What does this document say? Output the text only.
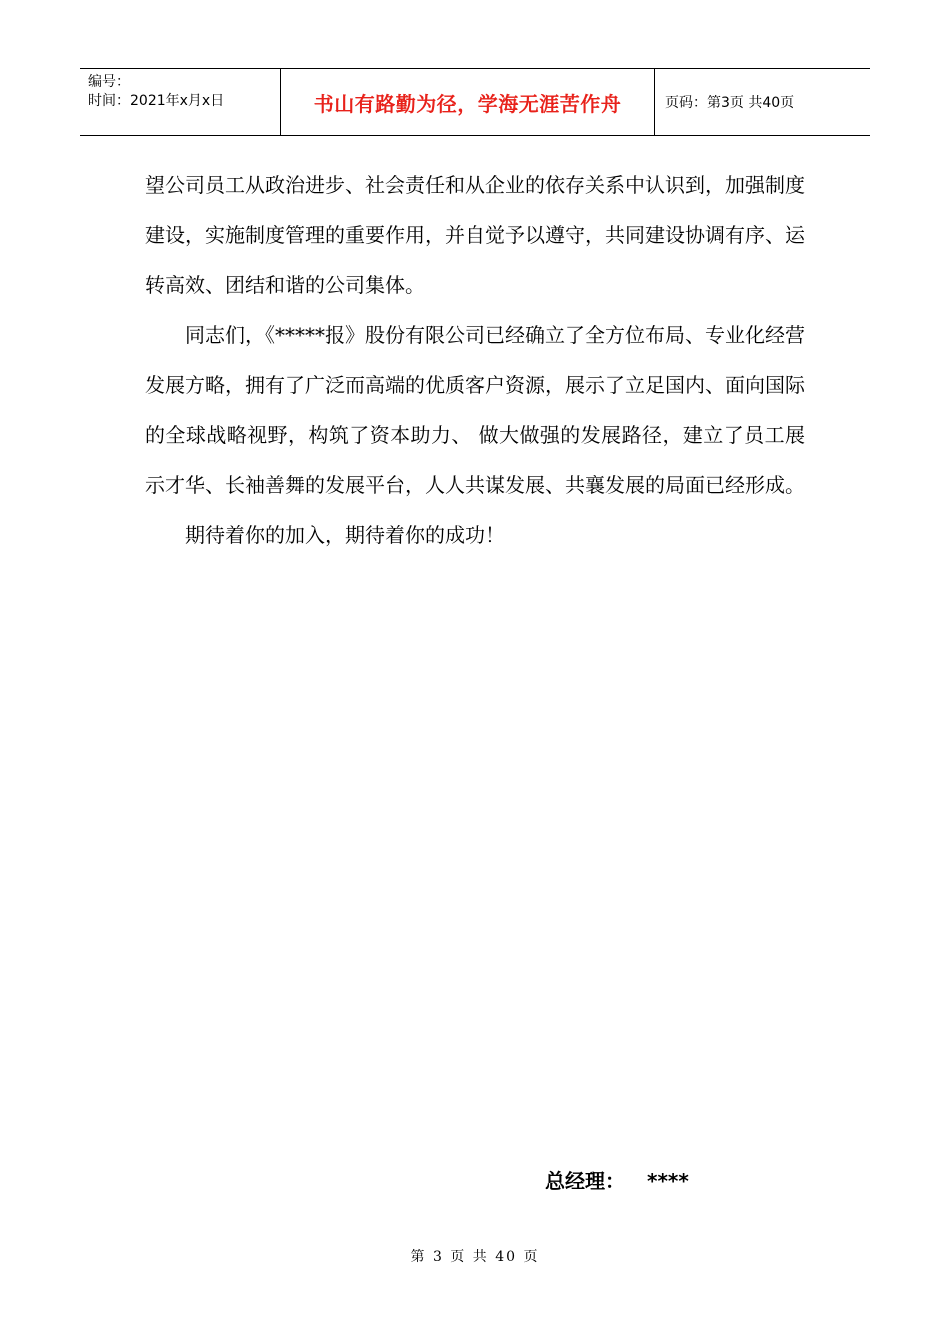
编号：
时间：2021年x月x日	书山有路勤为径，学海无涯苦作舟	页码：第3页 共40页

望公司员工从政治进步、社会责任和从企业的依存关系中认识到，加强制度建设，实施制度管理的重要作用，并自觉予以遵守，共同建设协调有序、运转高效、团结和谐的公司集体。

同志们，《*****报》股份有限公司已经确立了全方位布局、专业化经营发展方略，拥有了广泛而高端的优质客户资源，展示了立足国内、面向国际的全球战略视野，构筑了资本助力、 做大做强的发展路径，建立了员工展示才华、长袖善舞的发展平台，人人共谋发展、共襄发展的局面已经形成。

期待着你的加入，期待着你的成功！

总经理： ****
第 3 页 共 40 页
